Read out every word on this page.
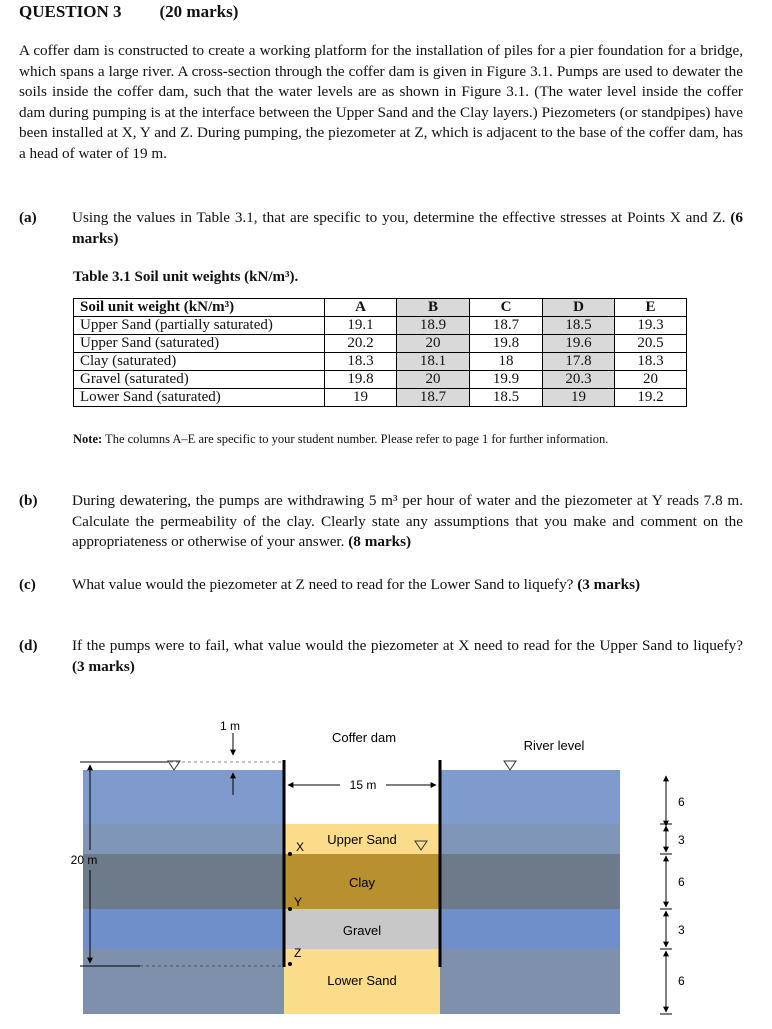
QUESTION 3 (20 marks)
A coffer dam is constructed to create a working platform for the installation of piles for a pier foundation for a bridge, which spans a large river. A cross-section through the coffer dam is given in Figure 3.1. Pumps are used to dewater the soils inside the coffer dam, such that the water levels are as shown in Figure 3.1. (The water level inside the coffer dam during pumping is at the interface between the Upper Sand and the Clay layers.) Piezometers (or standpipes) have been installed at X, Y and Z. During pumping, the piezometer at Z, which is adjacent to the base of the coffer dam, has a head of water of 19 m.
(a) Using the values in Table 3.1, that are specific to you, determine the effective stresses at Points X and Z. (6 marks)
Table 3.1 Soil unit weights (kN/m³).
Soil unit weight (kN/m³)	A	B	C	D	E
Upper Sand (partially saturated)	19.1	18.9	18.7	18.5	19.3
Upper Sand (saturated)	20.2	20	19.8	19.6	20.5
Clay (saturated)	18.3	18.1	18	17.8	18.3
Gravel (saturated)	19.8	20	19.9	20.3	20
Lower Sand (saturated)	19	18.7	18.5	19	19.2
Note: The columns A–E are specific to your student number. Please refer to page 1 for further information.
(b) During dewatering, the pumps are withdrawing 5 m³ per hour of water and the piezometer at Y reads 7.8 m. Calculate the permeability of the clay. Clearly state any assumptions that you make and comment on the appropriateness or otherwise of your answer. (8 marks)
(c) What value would the piezometer at Z need to read for the Lower Sand to liquefy? (3 marks)
(d) If the pumps were to fail, what value would the piezometer at X need to read for the Upper Sand to liquefy? (3 marks)
1 m
Coffer dam
River level
15 m
20 m
Upper Sand
Clay
Gravel
Lower Sand
X
Y
Z
6
3
6
3
6
